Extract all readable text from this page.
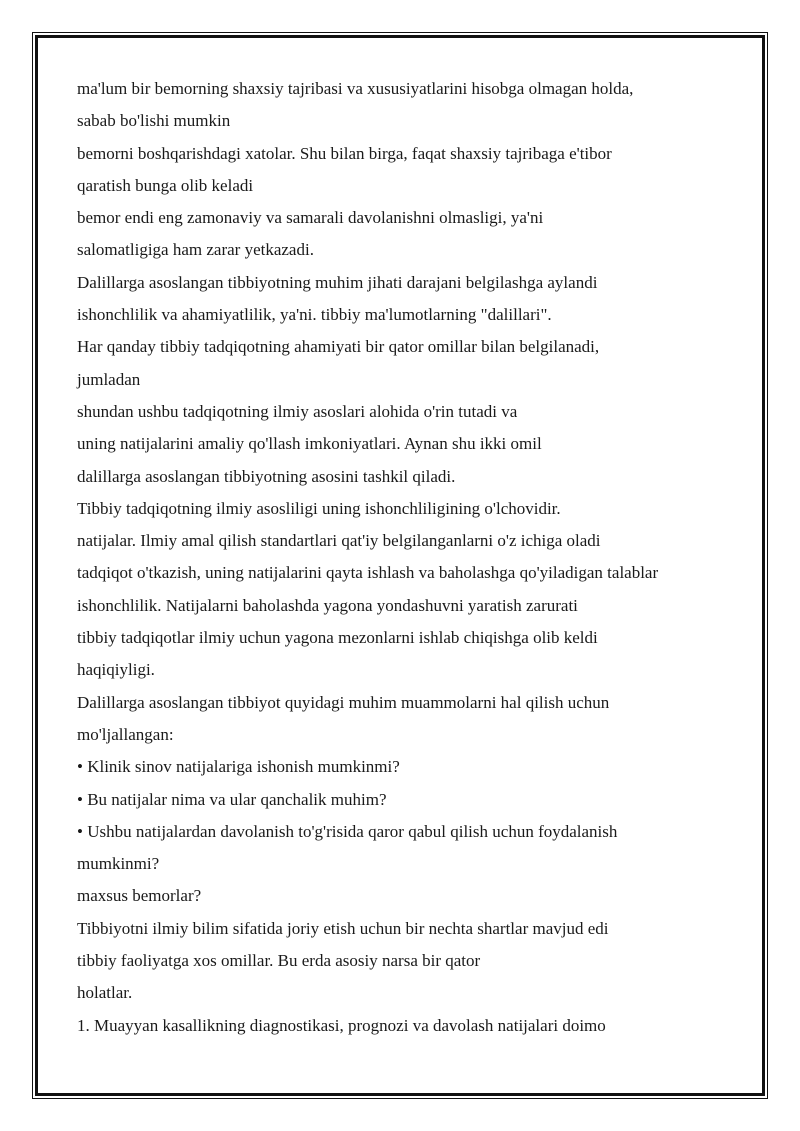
ma'lum bir bemorning shaxsiy tajribasi va xususiyatlarini hisobga olmagan holda,
sabab bo'lishi mumkin
bemorni boshqarishdagi xatolar. Shu bilan birga, faqat shaxsiy tajribaga e'tibor
qaratish bunga olib keladi
bemor endi eng zamonaviy va samarali davolanishni olmasligi, ya'ni
salomatligiga ham zarar yetkazadi.
Dalillarga asoslangan tibbiyotning muhim jihati darajani belgilashga aylandi
ishonchlilik va ahamiyatlilik, ya'ni. tibbiy ma'lumotlarning "dalillari".
Har qanday tibbiy tadqiqotning ahamiyati bir qator omillar bilan belgilanadi,
jumladan
shundan ushbu tadqiqotning ilmiy asoslari alohida o'rin tutadi va
uning natijalarini amaliy qo'llash imkoniyatlari. Aynan shu ikki omil
dalillarga asoslangan tibbiyotning asosini tashkil qiladi.
Tibbiy tadqiqotning ilmiy asosliligi uning ishonchliligining o'lchovidir.
natijalar. Ilmiy amal qilish standartlari qat'iy belgilanganlarni o'z ichiga oladi
tadqiqot o'tkazish, uning natijalarini qayta ishlash va baholashga qo'yiladigan talablar
ishonchlilik. Natijalarni baholashda yagona yondashuvni yaratish zarurati
tibbiy tadqiqotlar ilmiy uchun yagona mezonlarni ishlab chiqishga olib keldi
haqiqiyligi.
Dalillarga asoslangan tibbiyot quyidagi muhim muammolarni hal qilish uchun
mo'ljallangan:
• Klinik sinov natijalariga ishonish mumkinmi?
• Bu natijalar nima va ular qanchalik muhim?
• Ushbu natijalardan davolanish to'g'risida qaror qabul qilish uchun foydalanish
mumkinmi?
maxsus bemorlar?
Tibbiyotni ilmiy bilim sifatida joriy etish uchun bir nechta shartlar mavjud edi
tibbiy faoliyatga xos omillar. Bu erda asosiy narsa bir qator
holatlar.
1. Muayyan kasallikning diagnostikasi, prognozi va davolash natijalari doimo
